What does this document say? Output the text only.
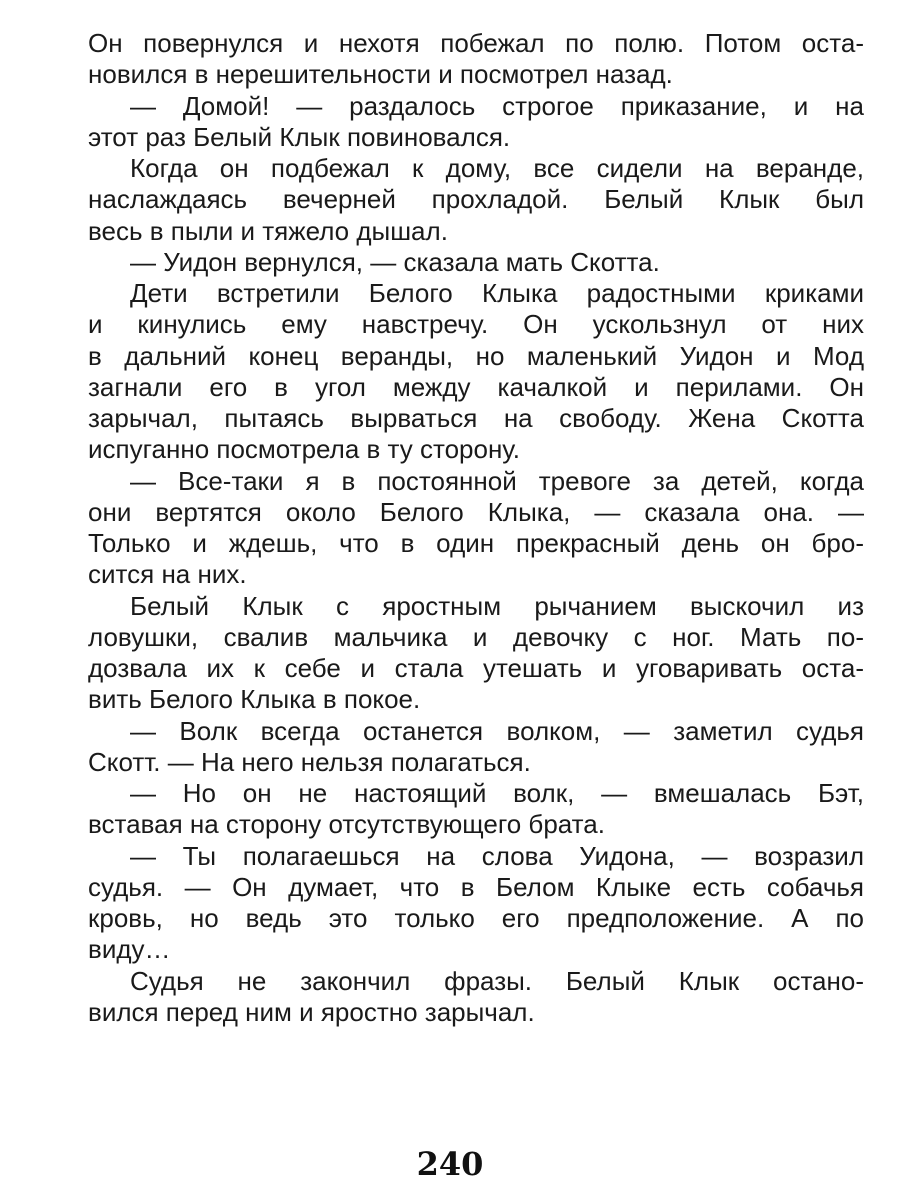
Он повернулся и нехотя побежал по полю. Потом оста-
новился в нерешительности и посмотрел назад.
— Домой! — раздалось строгое приказание, и на
этот раз Белый Клык повиновался.
Когда он подбежал к дому, все сидели на веранде,
наслаждаясь вечерней прохладой. Белый Клык был
весь в пыли и тяжело дышал.
— Уидон вернулся, — сказала мать Скотта.
Дети встретили Белого Клыка радостными криками
и кинулись ему навстречу. Он ускользнул от них
в дальний конец веранды, но маленький Уидон и Мод
загнали его в угол между качалкой и перилами. Он
зарычал, пытаясь вырваться на свободу. Жена Скотта
испуганно посмотрела в ту сторону.
— Все-таки я в постоянной тревоге за детей, когда
они вертятся около Белого Клыка, — сказала она. —
Только и ждешь, что в один прекрасный день он бро-
сится на них.
Белый Клык с яростным рычанием выскочил из
ловушки, свалив мальчика и девочку с ног. Мать по-
дозвала их к себе и стала утешать и уговаривать оста-
вить Белого Клыка в покое.
— Волк всегда останется волком, — заметил судья
Скотт. — На него нельзя полагаться.
— Но он не настоящий волк, — вмешалась Бэт,
вставая на сторону отсутствующего брата.
— Ты полагаешься на слова Уидона, — возразил
судья. — Он думает, что в Белом Клыке есть собачья
кровь, но ведь это только его предположение. А по
виду…
Судья не закончил фразы. Белый Клык остано-
вился перед ним и яростно зарычал.
240
